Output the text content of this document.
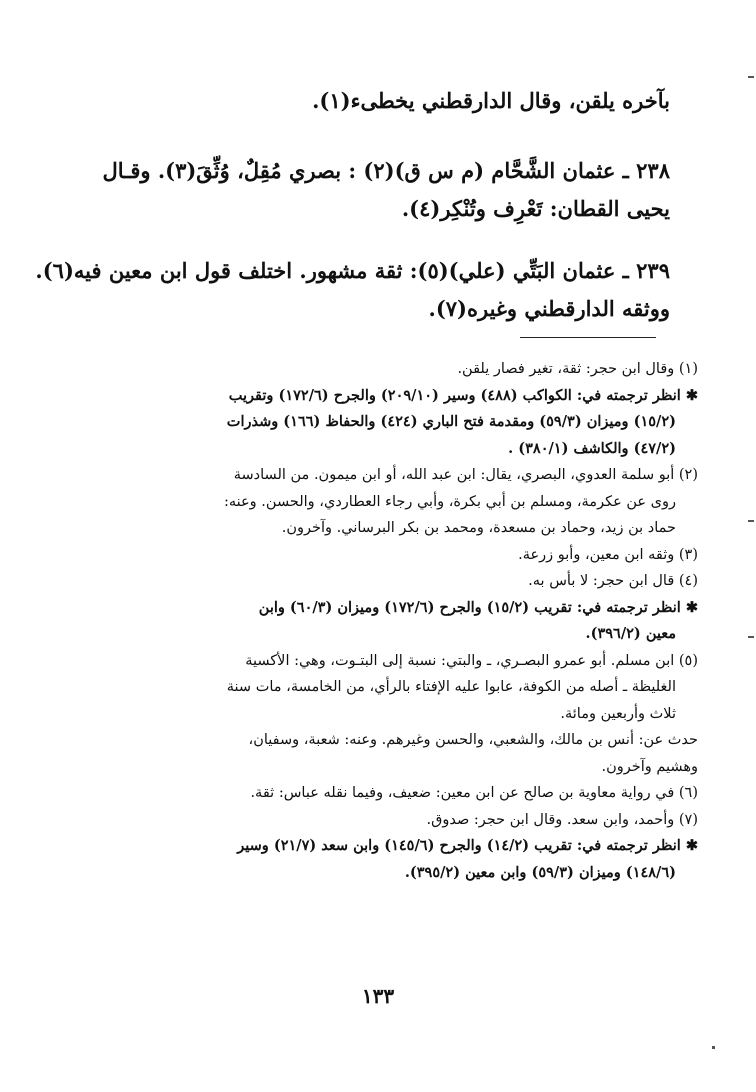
بآخره يلقن، وقال الدارقطني يخطىء(١).
٢٣٨ ـ عثمان الشَّحَّام (م س ق)(٢) : بصري مُقِلٌ، وُثِّقَ(٣). وقـال
يحيى القطان: تَعْرِف وتُنْكِر(٤).
٢٣٩ ـ عثمان البَتِّي (علي)(٥): ثقة مشهور. اختلف قول ابن معين فيه(٦).
ووثقه الدارقطني وغيره(٧).
(١) وقال ابن حجر: ثقة، تغير فصار يلقن.
✱ انظر ترجمته في: الكواكب (٤٨٨) وسير (٢٠٩/١٠) والجرح (١٧٢/٦) وتقريب
(١٥/٢) وميزان (٥٩/٣) ومقدمة فتح الباري (٤٢٤) والحفاظ (١٦٦) وشذرات
(٤٧/٢) والكاشف (٣٨٠/١) .
(٢) أبو سلمة العدوي، البصري، يقال: ابن عبد الله، أو ابن ميمون. من السادسة
روى عن عكرمة، ومسلم بن أبي بكرة، وأبي رجاء العطاردي، والحسن. وعنه:
حماد بن زيد، وحماد بن مسعدة، ومحمد بن بكر البرساني. وآخرون.
(٣) وثقه ابن معين، وأبو زرعة.
(٤) قال ابن حجر: لا بأس به.
✱ انظر ترجمته في: تقريب (١٥/٢) والجرح (١٧٢/٦) وميزان (٦٠/٣) وابن
معين (٣٩٦/٢).
(٥) ابن مسلم. أبو عمرو البصـري، ـ والبتي: نسبة إلى البتـوت، وهي: الأكسية
الغليظة ـ أصله من الكوفة، عابوا عليه الإفتاء بالرأي، من الخامسة، مات سنة
ثلاث وأربعين ومائة.
حدث عن: أنس بن مالك، والشعبي، والحسن وغيرهم. وعنه: شعبة، وسفيان،
وهشيم وآخرون.
(٦) في رواية معاوية بن صالح عن ابن معين: ضعيف، وفيما نقله عباس: ثقة.
(٧) وأحمد، وابن سعد. وقال ابن حجر: صدوق.
✱ انظر ترجمته في: تقريب (١٤/٢) والجرح (١٤٥/٦) وابن سعد (٢١/٧) وسير
(١٤٨/٦) وميزان (٥٩/٣) وابن معين (٣٩٥/٢).
١٣٣
